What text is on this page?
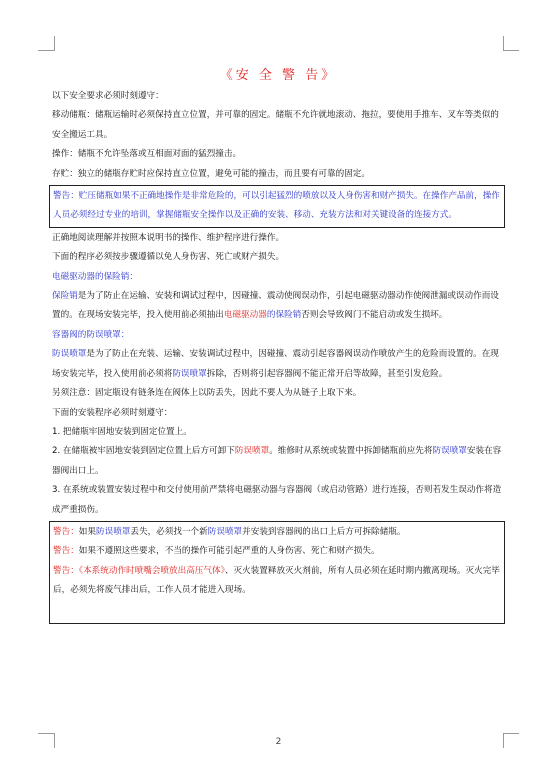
《安 全 警 告》

以下安全要求必须时刻遵守：

移动储瓶：储瓶运输时必须保持直立位置，并可靠的固定。储瓶不允许就地滚动、拖拉，要使用手推车、叉车等类似的安全搬运工具。

操作：储瓶不允许坠落或互相面对面的猛烈撞击。

存贮：独立的储瓶存贮时应保持直立位置，避免可能的撞击，而且要有可靠的固定。

警告：贮压储瓶如果不正确地操作是非常危险的，可以引起猛烈的喷放以及人身伤害和财产损失。在操作产品前，操作人员必须经过专业的培训，掌握储瓶安全操作以及正确的安装、移动、充装方法和对关键设备的连接方式。

正确地阅读理解并按照本说明书的操作、维护程序进行操作。

下面的程序必须按步骤遵循以免人身伤害、死亡或财产损失。

电磁驱动器的保险销：

保险销是为了防止在运输、安装和调试过程中，因碰撞、震动使阀误动作，引起电磁驱动器动作使阀泄漏或误动作而设置的。在现场安装完毕，投入使用前必须抽出电磁驱动器的保险销否则会导致阀门不能启动或发生损坏。

容器阀的防误喷罩：

防误喷罩是为了防止在充装、运输、安装调试过程中，因碰撞、震动引起容器阀误动作喷放产生的危险而设置的。在现场安装完毕，投入使用前必须将防误喷罩拆除，否则将引起容器阀不能正常开启等故障，甚至引发危险。

另须注意：固定瓶设有链条连在阀体上以防丢失，因此不要人为从链子上取下来。

下面的安装程序必须时刻遵守：

1. 把储瓶牢固地安装到固定位置上。

2. 在储瓶被牢固地安装到固定位置上后方可卸下防误喷罩。维修时从系统或装置中拆卸储瓶前应先将防误喷罩安装在容器阀出口上。

3. 在系统或装置安装过程中和交付使用前严禁将电磁驱动器与容器阀（或启动管路）进行连接，否则若发生误动作将造成严重损伤。

警告：如果防误喷罩丢失，必须找一个新防误喷罩并安装到容器阀的出口上后方可拆除储瓶。

警告：如果不遵照这些要求，不当的操作可能引起严重的人身伤害、死亡和财产损失。

警告：《本系统动作时喷嘴会喷放出高压气体》、灭火装置释放灭火剂前，所有人员必须在延时期内撤离现场。灭火完毕后，必须先将废气排出后，工作人员才能进入现场。

2
